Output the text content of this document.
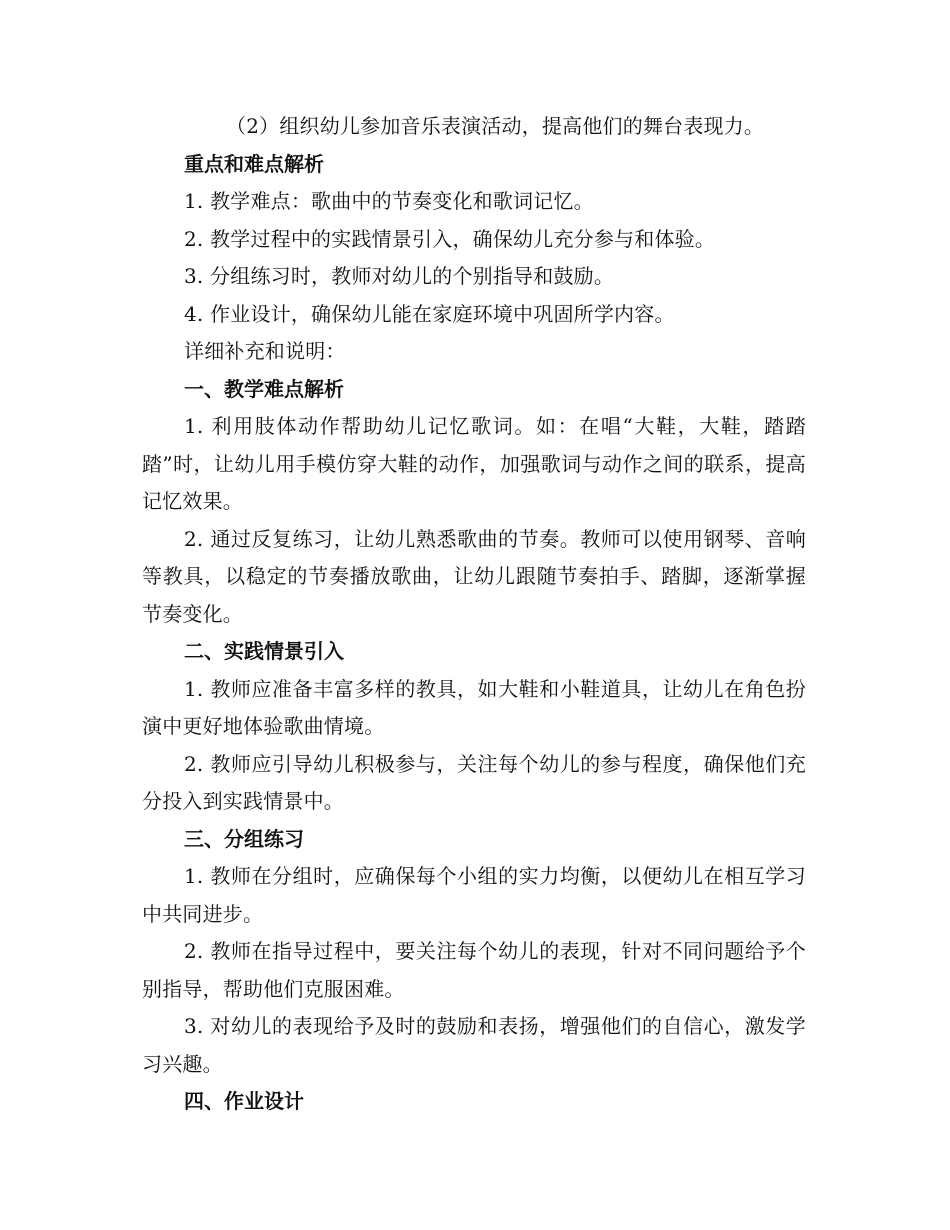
（2）组织幼儿参加音乐表演活动，提高他们的舞台表现力。

重点和难点解析

1. 教学难点：歌曲中的节奏变化和歌词记忆。

2. 教学过程中的实践情景引入，确保幼儿充分参与和体验。

3. 分组练习时，教师对幼儿的个别指导和鼓励。

4. 作业设计，确保幼儿能在家庭环境中巩固所学内容。

详细补充和说明：

一、教学难点解析

1. 利用肢体动作帮助幼儿记忆歌词。如：在唱“大鞋，大鞋，踏踏踏”时，让幼儿用手模仿穿大鞋的动作，加强歌词与动作之间的联系，提高记忆效果。

2. 通过反复练习，让幼儿熟悉歌曲的节奏。教师可以使用钢琴、音响等教具，以稳定的节奏播放歌曲，让幼儿跟随节奏拍手、踏脚，逐渐掌握节奏变化。

二、实践情景引入

1. 教师应准备丰富多样的教具，如大鞋和小鞋道具，让幼儿在角色扮演中更好地体验歌曲情境。

2. 教师应引导幼儿积极参与，关注每个幼儿的参与程度，确保他们充分投入到实践情景中。

三、分组练习

1. 教师在分组时，应确保每个小组的实力均衡，以便幼儿在相互学习中共同进步。

2. 教师在指导过程中，要关注每个幼儿的表现，针对不同问题给予个别指导，帮助他们克服困难。

3. 对幼儿的表现给予及时的鼓励和表扬，增强他们的自信心，激发学习兴趣。

四、作业设计
